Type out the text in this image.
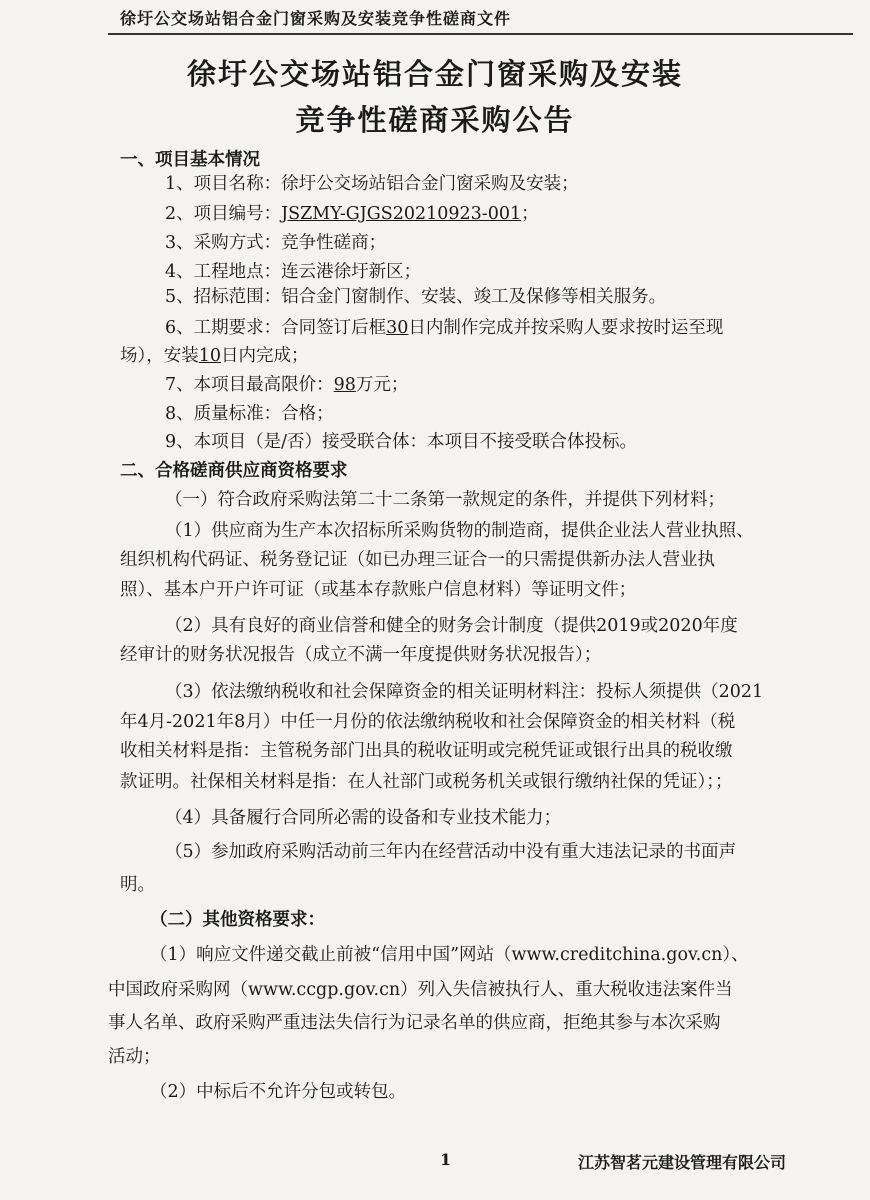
徐圩公交场站铝合金门窗采购及安装竞争性磋商文件
徐圩公交场站铝合金门窗采购及安装
竞争性磋商采购公告
一、项目基本情况
1、项目名称：徐圩公交场站铝合金门窗采购及安装；
2、项目编号：JSZMY-GJGS20210923-001；
3、采购方式：竞争性磋商；
4、工程地点：连云港徐圩新区；
5、招标范围：铝合金门窗制作、安装、竣工及保修等相关服务。
6、工期要求：合同签订后框30日内制作完成并按采购人要求按时运至现
场），安装10日内完成；
7、本项目最高限价：98万元；
8、质量标准：合格；
9、本项目（是/否）接受联合体：本项目不接受联合体投标。
二、合格磋商供应商资格要求
（一）符合政府采购法第二十二条第一款规定的条件，并提供下列材料；
（1）供应商为生产本次招标所采购货物的制造商，提供企业法人营业执照、
组织机构代码证、税务登记证（如已办理三证合一的只需提供新办法人营业执
照）、基本户开户许可证（或基本存款账户信息材料）等证明文件；
（2）具有良好的商业信誉和健全的财务会计制度（提供2019或2020年度
经审计的财务状况报告（成立不满一年度提供财务状况报告）；
（3）依法缴纳税收和社会保障资金的相关证明材料注：投标人须提供（2021
年4月-2021年8月）中任一月份的依法缴纳税收和社会保障资金的相关材料（税
收相关材料是指：主管税务部门出具的税收证明或完税凭证或银行出具的税收缴
款证明。社保相关材料是指：在人社部门或税务机关或银行缴纳社保的凭证）；；
（4）具备履行合同所必需的设备和专业技术能力；
（5）参加政府采购活动前三年内在经营活动中没有重大违法记录的书面声
明。
（二）其他资格要求：
（1）响应文件递交截止前被“信用中国”网站（www.creditchina.gov.cn）、
中国政府采购网（www.ccgp.gov.cn）列入失信被执行人、重大税收违法案件当
事人名单、政府采购严重违法失信行为记录名单的供应商，拒绝其参与本次采购
活动；
（2）中标后不允许分包或转包。
1	江苏智茗元建设管理有限公司
